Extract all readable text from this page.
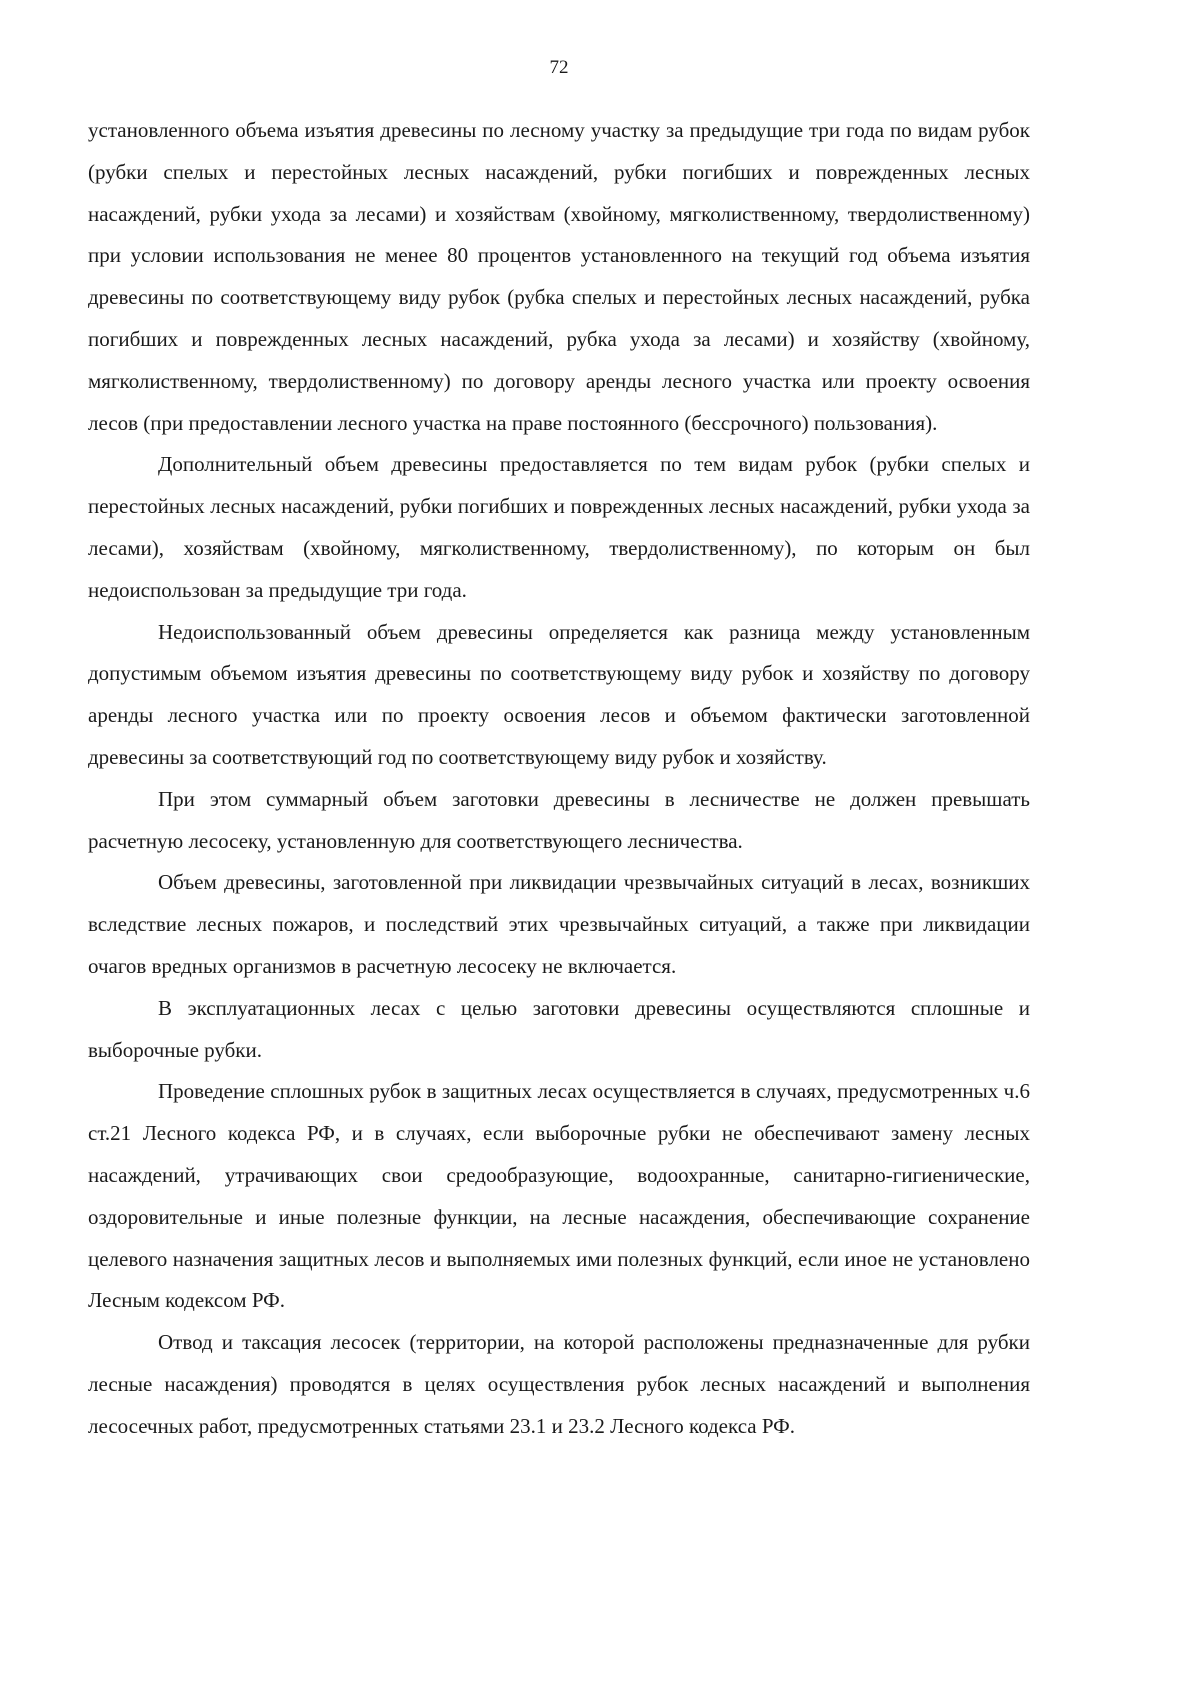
72

установленного объема изъятия древесины по лесному участку за предыдущие три года по видам рубок (рубки спелых и перестойных лесных насаждений, рубки погибших и поврежденных лесных насаждений, рубки ухода за лесами) и хозяйствам (хвойному, мягколиственному, твердолиственному) при условии использования не менее 80 процентов установленного на текущий год объема изъятия древесины по соответствующему виду рубок (рубка спелых и перестойных лесных насаждений, рубка погибших и поврежденных лесных насаждений, рубка ухода за лесами) и хозяйству (хвойному, мягколиственному, твердолиственному) по договору аренды лесного участка или проекту освоения лесов (при предоставлении лесного участка на праве постоянного (бессрочного) пользования).

Дополнительный объем древесины предоставляется по тем видам рубок (рубки спелых и перестойных лесных насаждений, рубки погибших и поврежденных лесных насаждений, рубки ухода за лесами), хозяйствам (хвойному, мягколиственному, твердолиственному), по которым он был недоиспользован за предыдущие три года.

Недоиспользованный объем древесины определяется как разница между установленным допустимым объемом изъятия древесины по соответствующему виду рубок и хозяйству по договору аренды лесного участка или по проекту освоения лесов и объемом фактически заготовленной древесины за соответствующий год по соответствующему виду рубок и хозяйству.

При этом суммарный объем заготовки древесины в лесничестве не должен превышать расчетную лесосеку, установленную для соответствующего лесничества.

Объем древесины, заготовленной при ликвидации чрезвычайных ситуаций в лесах, возникших вследствие лесных пожаров, и последствий этих чрезвычайных ситуаций, а также при ликвидации очагов вредных организмов в расчетную лесосеку не включается.

В эксплуатационных лесах с целью заготовки древесины осуществляются сплошные и выборочные рубки.

Проведение сплошных рубок в защитных лесах осуществляется в случаях, предусмотренных ч.6 ст.21 Лесного кодекса РФ, и в случаях, если выборочные рубки не обеспечивают замену лесных насаждений, утрачивающих свои средообразующие, водоохранные, санитарно-гигиенические, оздоровительные и иные полезные функции, на лесные насаждения, обеспечивающие сохранение целевого назначения защитных лесов и выполняемых ими полезных функций, если иное не установлено Лесным кодексом РФ.

Отвод и таксация лесосек (территории, на которой расположены предназначенные для рубки лесные насаждения) проводятся в целях осуществления рубок лесных насаждений и выполнения лесосечных работ, предусмотренных статьями 23.1 и 23.2 Лесного кодекса РФ.
